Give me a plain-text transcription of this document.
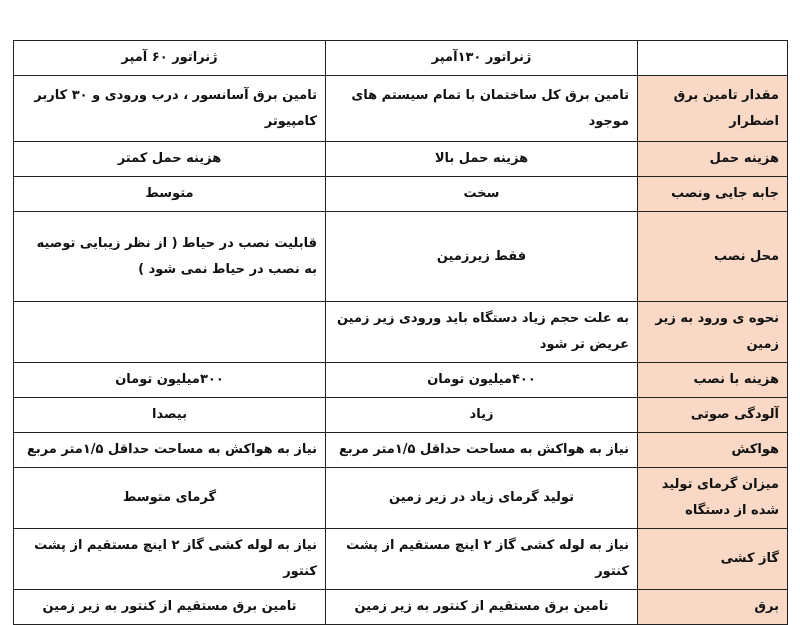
	ژنراتور ۱۳۰آمپر	ژنراتور ۶۰ آمپر
مقدار تامین برق اضطرار	تامین برق کل ساختمان با تمام سیستم های موجود	تامین برق آسانسور ، درب ورودی و ۳۰ کاربر کامپیوتر
هزینه حمل	هزینه حمل بالا	هزینه حمل کمتر
جابه جایی ونصب	سخت	متوسط
محل نصب	فقط زیرزمین	قابلیت نصب در حیاط ( از نظر زیبایی توصیه به نصب در حیاط نمی شود )
نحوه ی ورود به زیر زمین	به علت حجم زیاد دستگاه باید ورودی زیر زمین عریض تر شود	
هزینه با نصب	۴۰۰میلیون تومان	۳۰۰میلیون تومان
آلودگی صوتی	زیاد	بیصدا
هواکش	نیاز به هواکش به مساحت حداقل ۱/۵متر مربع	نیاز به هواکش به مساحت حداقل ۱/۵متر مربع
میزان گرمای تولید شده از دستگاه	تولید گرمای زیاد در زیر زمین	گرمای متوسط
گاز کشی	نیاز به لوله کشی گاز ۲ اینچ مستقیم از پشت کنتور	نیاز به لوله کشی گاز ۲ اینچ مستقیم از پشت کنتور
برق	تامین برق مستقیم از کنتور به زیر زمین	تامین برق مستقیم از کنتور به زیر زمین
